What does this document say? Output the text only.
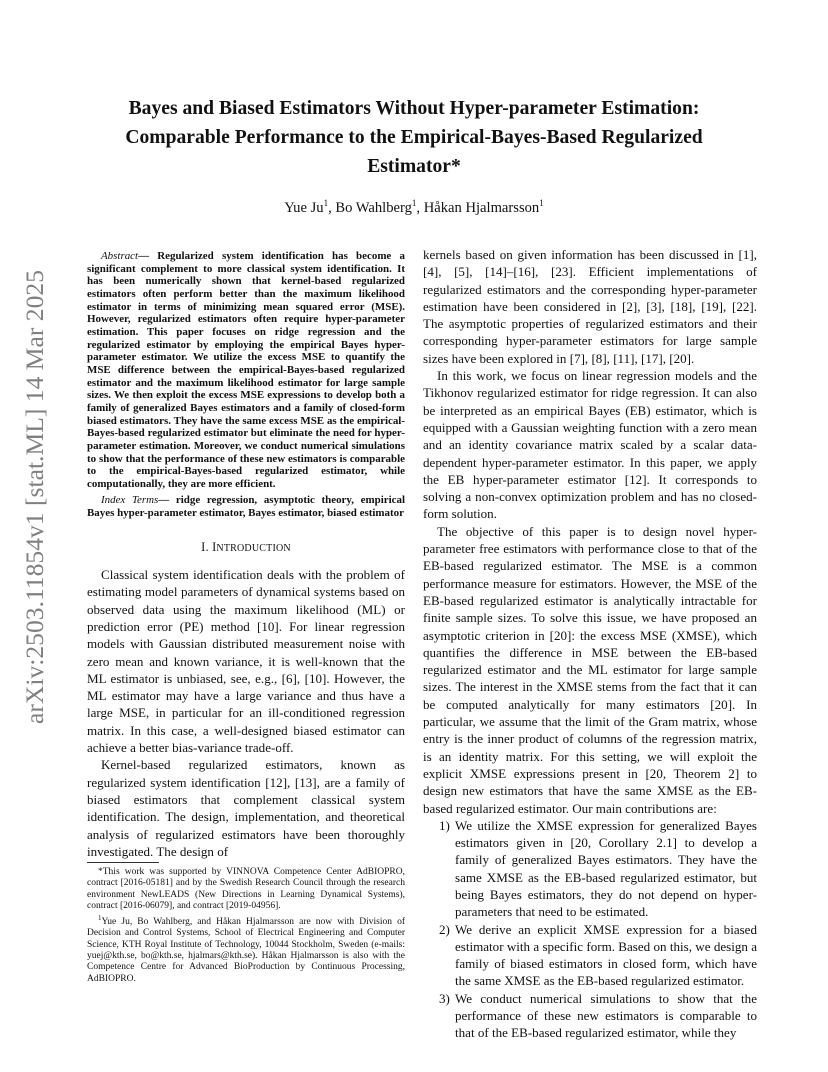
Bayes and Biased Estimators Without Hyper-parameter Estimation:
Comparable Performance to the Empirical-Bayes-Based Regularized
Estimator*
Yue Ju$^1$, Bo Wahlberg$^1$, Håkan Hjalmarsson$^1$
arXiv:2503.11854v1 [stat.ML] 14 Mar 2025
Abstract— Regularized system identification has become a significant complement to more classical system identification. It has been numerically shown that kernel-based regularized estimators often perform better than the maximum likelihood estimator in terms of minimizing mean squared error (MSE). However, regularized estimators often require hyper-parameter estimation. This paper focuses on ridge regression and the regularized estimator by employing the empirical Bayes hyper-parameter estimator. We utilize the excess MSE to quantify the MSE difference between the empirical-Bayes-based regularized estimator and the maximum likelihood estimator for large sample sizes. We then exploit the excess MSE expressions to develop both a family of generalized Bayes estimators and a family of closed-form biased estimators. They have the same excess MSE as the empirical-Bayes-based regularized estimator but eliminate the need for hyper-parameter estimation. Moreover, we conduct numerical simulations to show that the performance of these new estimators is comparable to the empirical-Bayes-based regularized estimator, while computationally, they are more efficient.
Index Terms— ridge regression, asymptotic theory, empirical Bayes hyper-parameter estimator, Bayes estimator, biased estimator
I. INTRODUCTION

Classical system identification deals with the problem of estimating model parameters of dynamical systems based on observed data using the maximum likelihood (ML) or prediction error (PE) method [10]. For linear regression models with Gaussian distributed measurement noise with zero mean and known variance, it is well-known that the ML estimator is unbiased, see, e.g., [6], [10]. However, the ML estimator may have a large variance and thus have a large MSE, in particular for an ill-conditioned regression matrix. In this case, a well-designed biased estimator can achieve a better bias-variance trade-off.

Kernel-based regularized estimators, known as regularized system identification [12], [13], are a family of biased estimators that complement classical system identification. The design, implementation, and theoretical analysis of regularized estimators have been thoroughly investigated. The design of

*This work was supported by VINNOVA Competence Center AdBIOPRO, contract [2016-05181] and by the Swedish Research Council through the research environment NewLEADS (New Directions in Learning Dynamical Systems), contract [2016-06079], and contract [2019-04956].

$^1$Yue Ju, Bo Wahlberg, and Håkan Hjalmarsson are now with Division of Decision and Control Systems, School of Electrical Engineering and Computer Science, KTH Royal Institute of Technology, 10044 Stockholm, Sweden (e-mails: yuej@kth.se, bo@kth.se, hjalmars@kth.se). Håkan Hjalmarsson is also with the Competence Centre for Advanced BioProduction by Continuous Processing, AdBIOPRO.

kernels based on given information has been discussed in [1], [4], [5], [14]–[16], [23]. Efficient implementations of regularized estimators and the corresponding hyper-parameter estimation have been considered in [2], [3], [18], [19], [22]. The asymptotic properties of regularized estimators and their corresponding hyper-parameter estimators for large sample sizes have been explored in [7], [8], [11], [17], [20].

In this work, we focus on linear regression models and the Tikhonov regularized estimator for ridge regression. It can also be interpreted as an empirical Bayes (EB) estimator, which is equipped with a Gaussian weighting function with a zero mean and an identity covariance matrix scaled by a scalar data-dependent hyper-parameter estimator. In this paper, we apply the EB hyper-parameter estimator [12]. It corresponds to solving a non-convex optimization problem and has no closed-form solution.

The objective of this paper is to design novel hyper-parameter free estimators with performance close to that of the EB-based regularized estimator. The MSE is a common performance measure for estimators. However, the MSE of the EB-based regularized estimator is analytically intractable for finite sample sizes. To solve this issue, we have proposed an asymptotic criterion in [20]: the excess MSE (XMSE), which quantifies the difference in MSE between the EB-based regularized estimator and the ML estimator for large sample sizes. The interest in the XMSE stems from the fact that it can be computed analytically for many estimators [20]. In particular, we assume that the limit of the Gram matrix, whose entry is the inner product of columns of the regression matrix, is an identity matrix. For this setting, we will exploit the explicit XMSE expressions present in [20, Theorem 2] to design new estimators that have the same XMSE as the EB-based regularized estimator. Our main contributions are:

1) We utilize the XMSE expression for generalized Bayes estimators given in [20, Corollary 2.1] to develop a family of generalized Bayes estimators. They have the same XMSE as the EB-based regularized estimator, but being Bayes estimators, they do not depend on hyper-parameters that need to be estimated.
2) We derive an explicit XMSE expression for a biased estimator with a specific form. Based on this, we design a family of biased estimators in closed form, which have the same XMSE as the EB-based regularized estimator.
3) We conduct numerical simulations to show that the performance of these new estimators is comparable to that of the EB-based regularized estimator, while they
